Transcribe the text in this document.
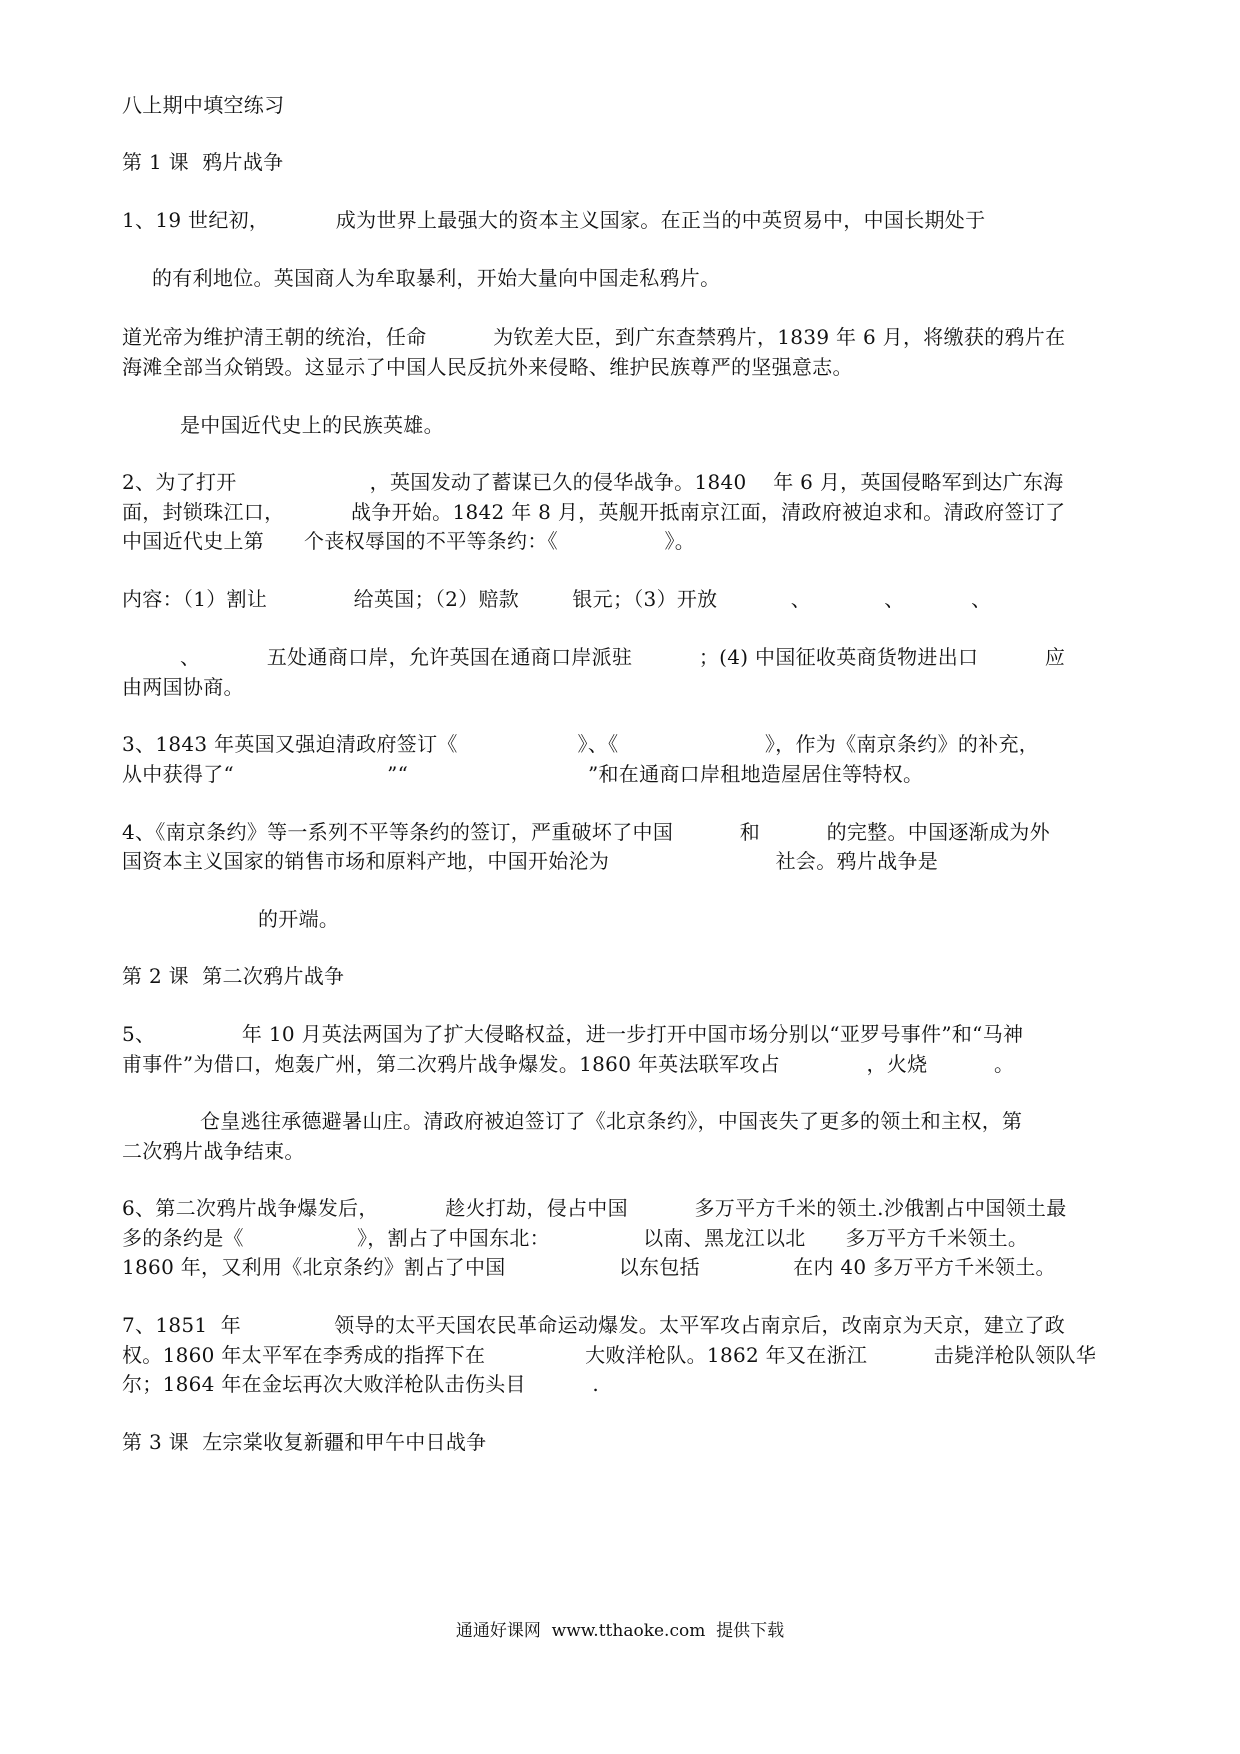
八上期中填空练习
第 1 课  鸦片战争
1、19 世纪初，          成为世界上最强大的资本主义国家。在正当的中英贸易中，中国长期处于
的有利地位。英国商人为牟取暴利，开始大量向中国走私鸦片。
道光帝为维护清王朝的统治，任命          为钦差大臣，到广东查禁鸦片，1839 年 6 月，将缴获的鸦片在
海滩全部当众销毁。这显示了中国人民反抗外来侵略、维护民族尊严的坚强意志。
是中国近代史上的民族英雄。
2、为了打开                    ，英国发动了蓄谋已久的侵华战争。1840    年 6 月，英国侵略军到达广东海
面，封锁珠江口，          战争开始。1842 年 8 月，英舰开抵南京江面，清政府被迫求和。清政府签订了
中国近代史上第      个丧权辱国的不平等条约：《                》。
内容：（1）割让             给英国；（2）赔款        银元；（3）开放           、           、          、
、          五处通商口岸，允许英国在通商口岸派驻          ；(4) 中国征收英商货物进出口          应
由两国协商。
3、1843 年英国又强迫清政府签订《                  》、《                      》，作为《南京条约》的补充，
从中获得了“                       ”“                           ”和在通商口岸租地造屋居住等特权。
4、《南京条约》等一系列不平等条约的签订，严重破坏了中国          和          的完整。中国逐渐成为外
国资本主义国家的销售市场和原料产地，中国开始沦为                         社会。鸦片战争是
的开端。
第 2 课  第二次鸦片战争
5、             年 10 月英法两国为了扩大侵略权益，进一步打开中国市场分别以“亚罗号事件”和“马神
甫事件”为借口，炮轰广州，第二次鸦片战争爆发。1860 年英法联军攻占             ，火烧          。
仓皇逃往承德避暑山庄。清政府被迫签订了《北京条约》，中国丧失了更多的领土和主权，第
二次鸦片战争结束。
6、第二次鸦片战争爆发后，          趁火打劫，侵占中国          多万平方千米的领土.沙俄割占中国领土最
多的条约是《                 》，割占了中国东北：              以南、黑龙江以北      多万平方千米领土。
1860 年，又利用《北京条约》割占了中国                 以东包括              在内 40 多万平方千米领土。
7、1851  年              领导的太平天国农民革命运动爆发。太平军攻占南京后，改南京为天京，建立了政
权。1860 年太平军在李秀成的指挥下在               大败洋枪队。1862 年又在浙江          击毙洋枪队领队华
尔；1864 年在金坛再次大败洋枪队击伤头目          .
第 3 课  左宗棠收复新疆和甲午中日战争
通通好课网  www.tthaoke.com  提供下载
